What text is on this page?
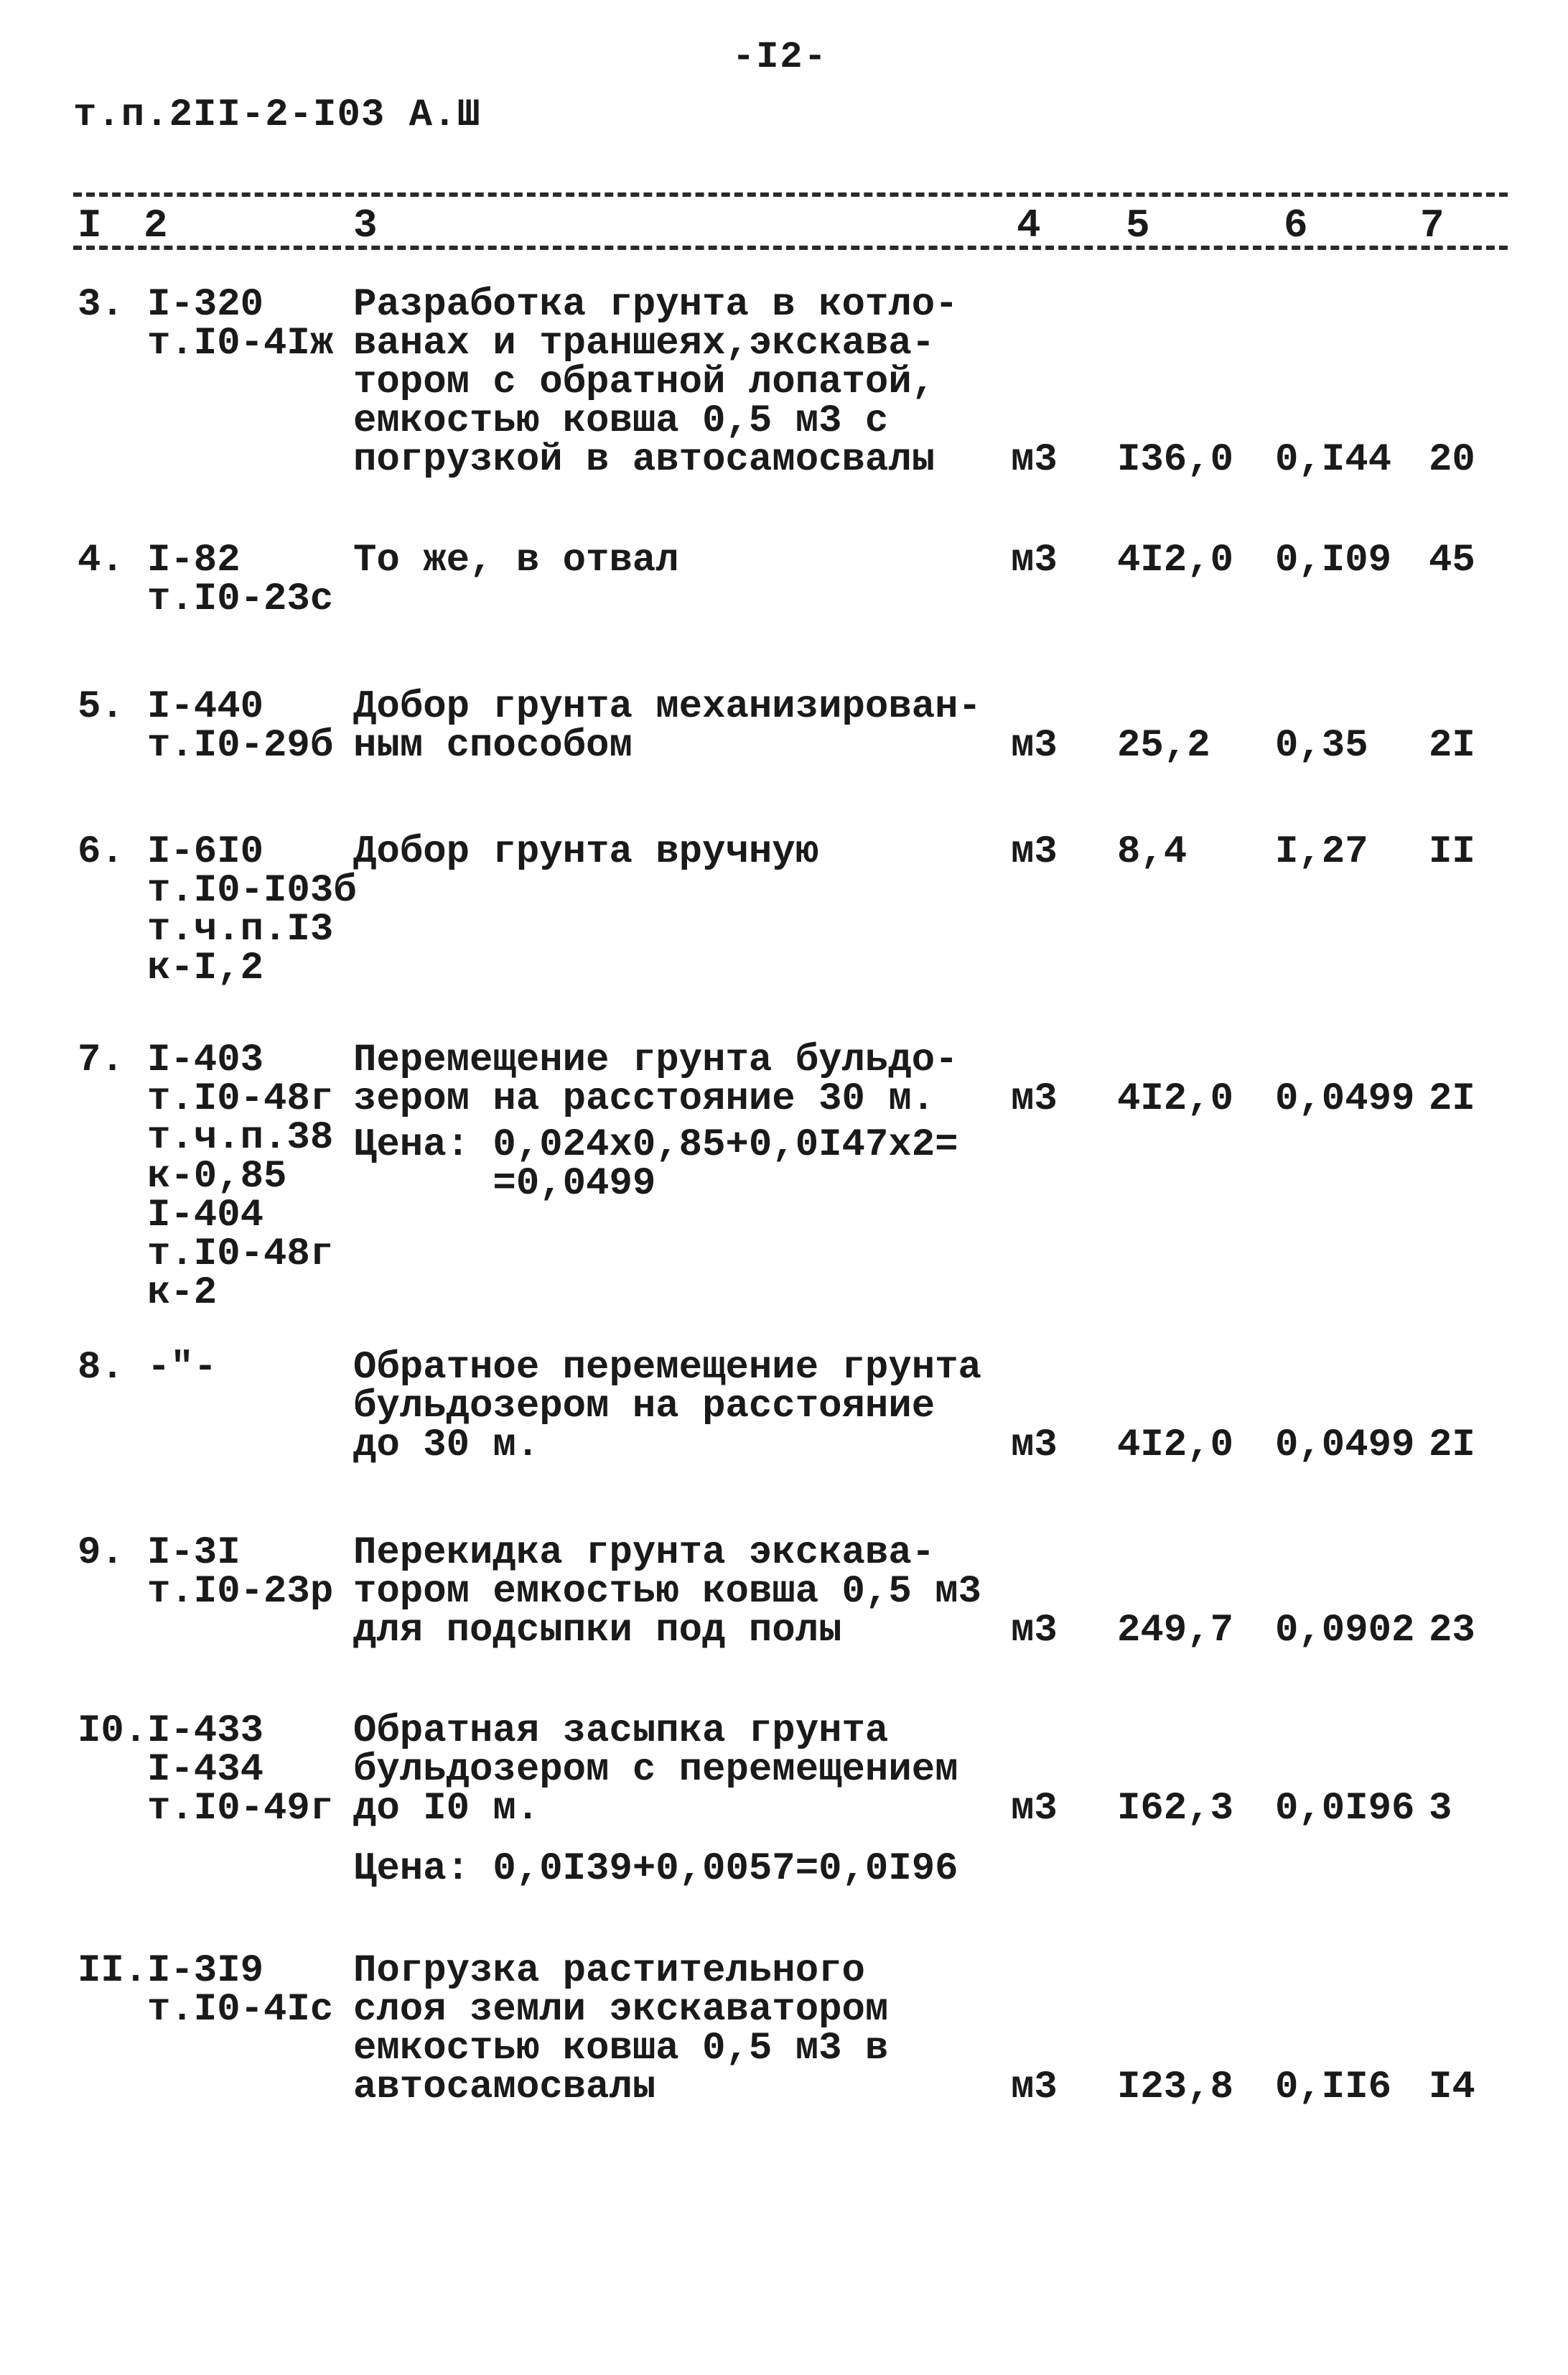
-I2-
т.п.2II-2-I03 А.Ш
I 2	3	4 5	6	7
3. I-320
т.I0-4Iж
Разработка грунта в котло-
ванах и траншеях,экскава-
тором с обратной лопатой,
емкостью ковша 0,5 м3 с
погрузкой в автосамосвалы м3 I36,0 0,I44 20
4. I-82
т.I0-23с
То же, в отвал	м3 4I2,0 0,I09 45
5. I-440
т.I0-29б
Добор грунта механизирован-
ным способом	м3 25,2 0,35 2I
6. I-6I0
т.I0-I03б
т.ч.п.I3
к-I,2
Добор грунта вручную	м3 8,4 I,27 II
7. I-403
т.I0-48г
т.ч.п.38
к-0,85
I-404
т.I0-48г
к-2
Перемещение грунта бульдо-
зером на расстояние 30 м.
Цена: 0,024х0,85+0,0I47х2=
=0,0499
м3 4I2,0 0,0499 2I
8. -"-	Обратное перемещение грунта
бульдозером на расстояние
до 30 м.	м3 4I2,0 0,0499 2I
9. I-3I
т.I0-23р
Перекидка грунта экскава-
тором емкостью ковша 0,5 м3
для подсыпки под полы	м3 249,7 0,0902 23
I0. I-433
I-434
т.I0-49г
Обратная засыпка грунта
бульдозером с перемещением
до I0 м.
Цена: 0,0I39+0,0057=0,0I96
м3 I62,3 0,0I96 3
II. I-3I9
т.I0-4Iс
Погрузка растительного
слоя земли экскаватором
емкостью ковша 0,5 м3 в
автосамосвалы	м3 I23,8 0,II6 I4
